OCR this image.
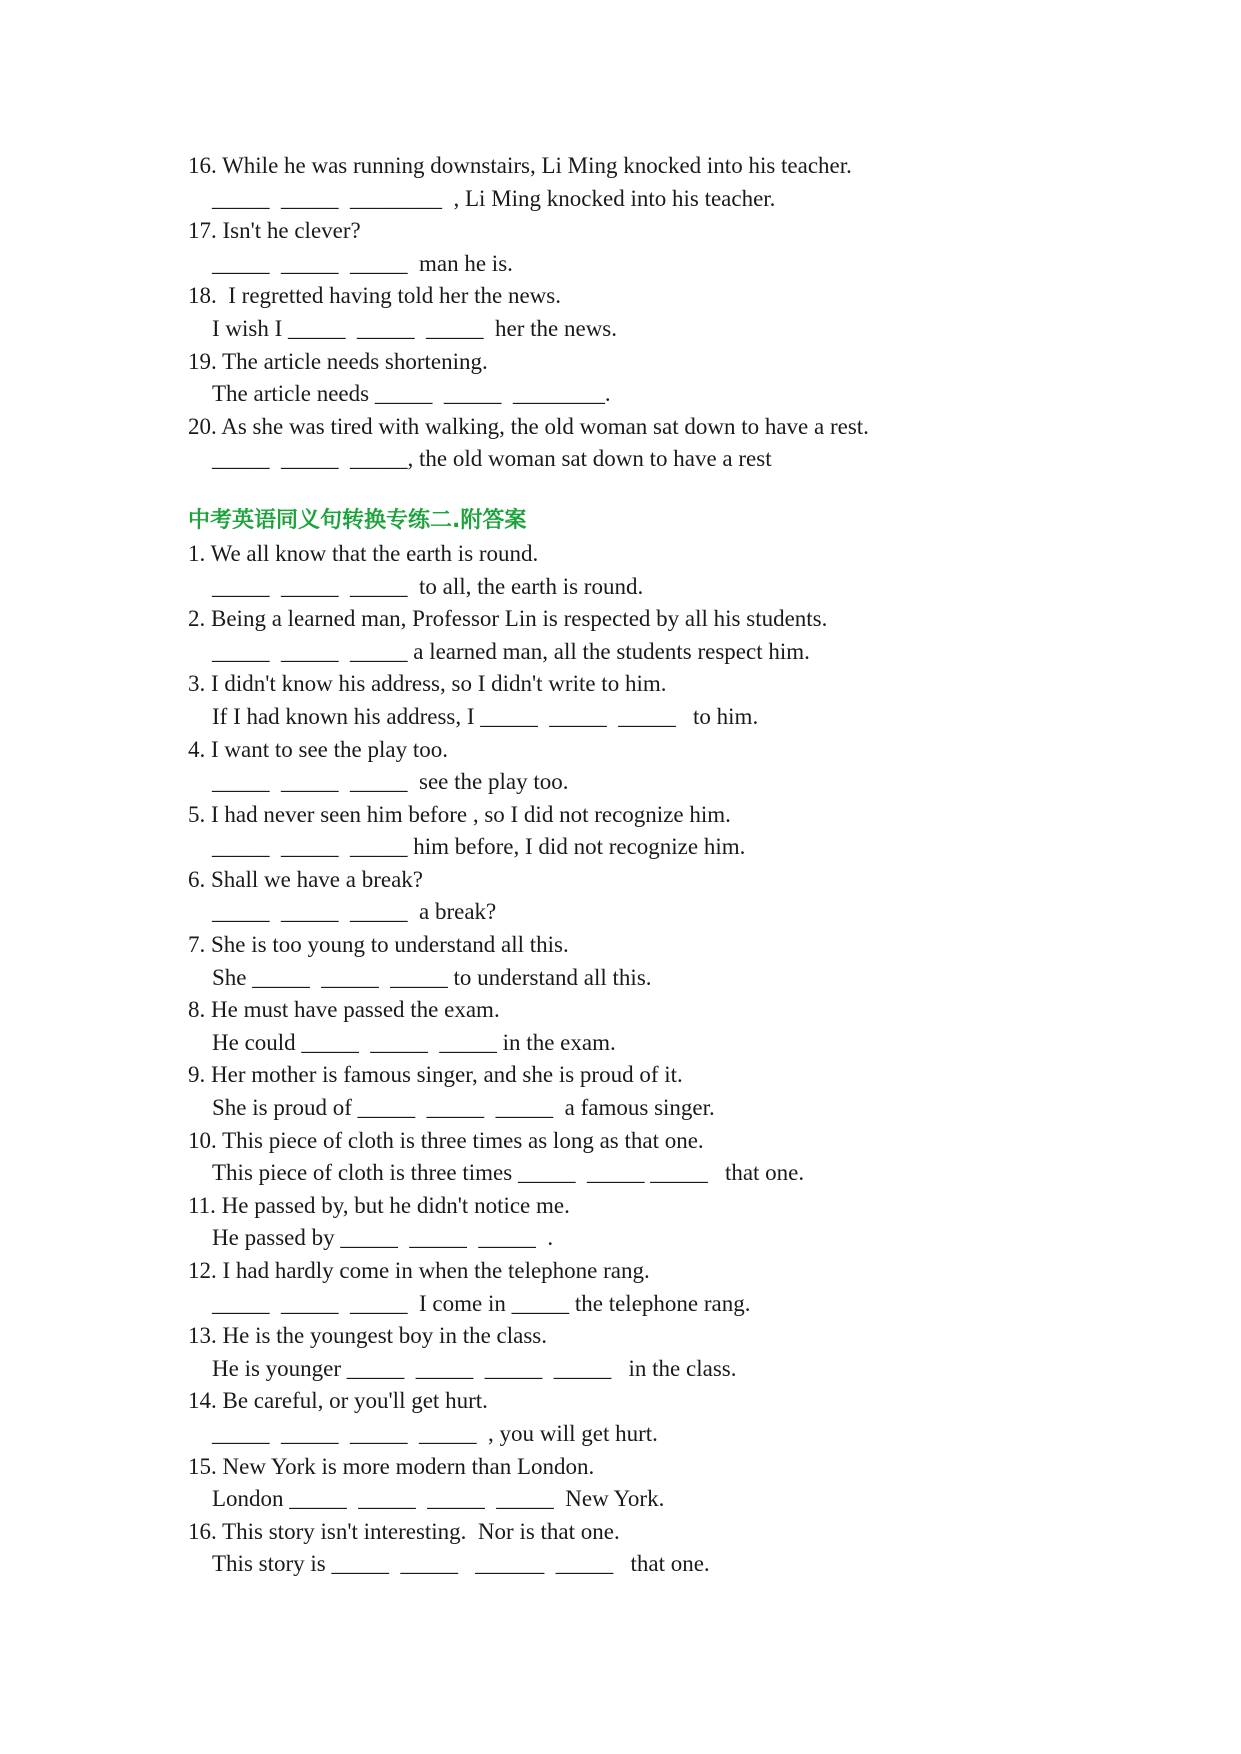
16. While he was running downstairs, Li Ming knocked into his teacher.
_____  _____  ________  , Li Ming knocked into his teacher.
17. Isn't he clever?
_____  _____  _____  man he is.
18.  I regretted having told her the news.
I wish I _____  _____  _____  her the news.
19. The article needs shortening.
The article needs _____  _____  ________.
20. As she was tired with walking, the old woman sat down to have a rest.
_____  _____  _____, the old woman sat down to have a rest
中考英语同义句转换专练二.附答案
1. We all know that the earth is round.
_____  _____  _____  to all, the earth is round.
2. Being a learned man, Professor Lin is respected by all his students.
_____  _____  _____ a learned man, all the students respect him.
3. I didn't know his address, so I didn't write to him.
If I had known his address, I _____  _____  _____   to him.
4. I want to see the play too.
_____  _____  _____  see the play too.
5. I had never seen him before , so I did not recognize him.
_____  _____  _____ him before, I did not recognize him.
6. Shall we have a break?
_____  _____  _____  a break?
7. She is too young to understand all this.
She _____  _____  _____ to understand all this.
8. He must have passed the exam.
He could _____  _____  _____ in the exam.
9. Her mother is famous singer, and she is proud of it.
She is proud of _____  _____  _____  a famous singer.
10. This piece of cloth is three times as long as that one.
This piece of cloth is three times _____  _____ _____   that one.
11. He passed by, but he didn't notice me.
He passed by _____  _____  _____  .
12. I had hardly come in when the telephone rang.
_____  _____  _____  I come in _____ the telephone rang.
13. He is the youngest boy in the class.
He is younger _____  _____  _____  _____   in the class.
14. Be careful, or you'll get hurt.
_____  _____  _____  _____  , you will get hurt.
15. New York is more modern than London.
London _____  _____  _____  _____  New York.
16. This story isn't interesting.  Nor is that one.
This story is _____  _____   ______  _____   that one.
